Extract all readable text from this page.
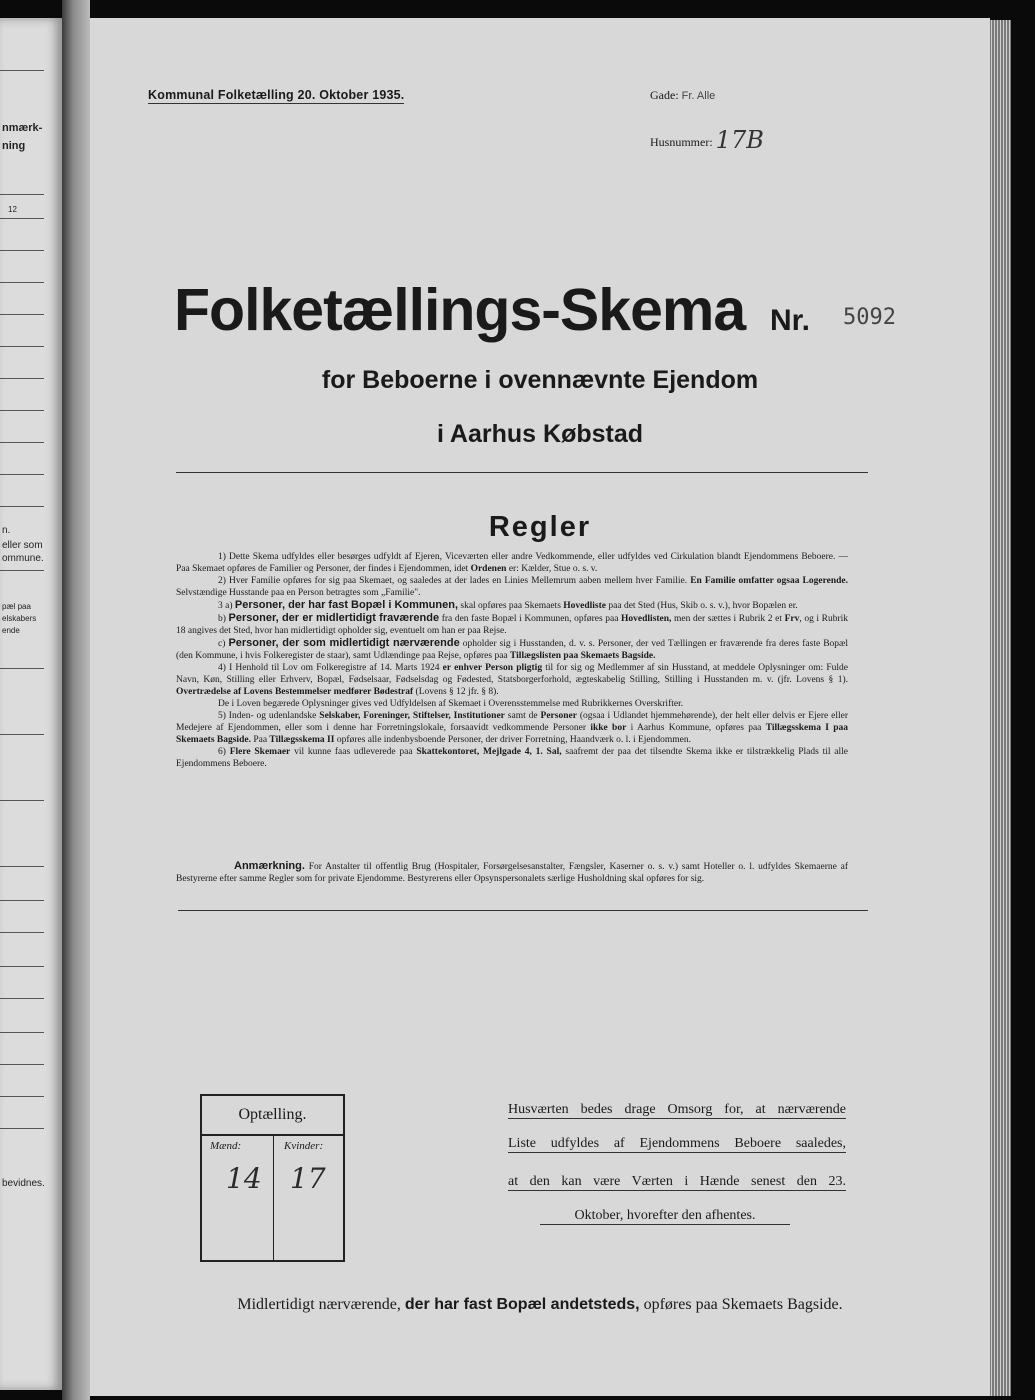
nmærk-
ning
12
n.
eller som
ommune.
pæl paa
elskabers
ende
bevidnes.
Kommunal Folketælling 20. Oktober 1935.	Gade: Fr. Alle
Husnummer: 17B
Folketællings-Skema Nr. 5092
for Beboerne i ovennævnte Ejendom
i Aarhus Købstad
Regler

1) Dette Skema udfyldes eller besørges udfyldt af Ejeren, Viceværten eller andre Vedkommende, eller udfyldes ved Cirkulation blandt Ejendommens Beboere. — Paa Skemaet opføres de Familier og Personer, der findes i Ejendommen, idet Ordenen er: Kælder, Stue o. s. v.

2) Hver Familie opføres for sig paa Skemaet, og saaledes at der lades en Linies Mellemrum aaben mellem hver Familie. En Familie omfatter ogsaa Logerende. Selvstændige Husstande paa en Person betragtes som „Familie".

3 a) Personer, der har fast Bopæl i Kommunen, skal opføres paa Skemaets Hovedliste paa det Sted (Hus, Skib o. s. v.), hvor Bopælen er.

b) Personer, der er midlertidigt fraværende fra den faste Bopæl i Kommunen, opføres paa Hovedlisten, men der sættes i Rubrik 2 et Frv, og i Rubrik 18 angives det Sted, hvor han midlertidigt opholder sig, eventuelt om han er paa Rejse.

c) Personer, der som midlertidigt nærværende opholder sig i Husstanden, d. v. s. Personer, der ved Tællingen er fraværende fra deres faste Bopæl (den Kommune, i hvis Folkeregister de staar), samt Udlændinge paa Rejse, opføres paa Tillægslisten paa Skemaets Bagside.

4) I Henhold til Lov om Folkeregistre af 14. Marts 1924 er enhver Person pligtig til for sig og Medlemmer af sin Husstand, at meddele Oplysninger om: Fulde Navn, Køn, Stilling eller Erhverv, Bopæl, Fødselsaar, Fødselsdag og Fødested, Statsborgerforhold, ægteskabelig Stilling, Stilling i Husstanden m. v. (jfr. Lovens § 1). Overtrædelse af Lovens Bestemmelser medfører Bødestraf (Lovens § 12 jfr. § 8).

De i Loven begærede Oplysninger gives ved Udfyldelsen af Skemaet i Overensstemmelse med Rubrikkernes Overskrifter.

5) Inden- og udenlandske Selskaber, Foreninger, Stiftelser, Institutioner samt de Personer (ogsaa i Udlandet hjemmehørende), der helt eller delvis er Ejere eller Medejere af Ejendommen, eller som i denne har Forretningslokale, forsaavidt vedkommende Personer ikke bor i Aarhus Kommune, opføres paa Tillægsskema I paa Skemaets Bagside. Paa Tillægsskema II opføres alle indenbysboende Personer, der driver Forretning, Haandværk o. l. i Ejendommen.

6) Flere Skemaer vil kunne faas udleverede paa Skattekontoret, Mejlgade 4, 1. Sal, saafremt der paa det tilsendte Skema ikke er tilstrækkelig Plads til alle Ejendommens Beboere.

Anmærkning. For Anstalter til offentlig Brug (Hospitaler, Forsørgelsesanstalter, Fængsler, Kaserner o. s. v.) samt Hoteller o. l. udfyldes Skemaerne af Bestyrerne efter samme Regler som for private Ejendomme. Bestyrerens eller Opsynspersonalets særlige Husholdning skal opføres for sig.
Optælling.
Mænd:	Kvinder:
14 17
Husværten bedes drage Omsorg for, at nærværende
Liste udfyldes af Ejendommens Beboere saaledes,
at den kan være Værten i Hænde senest den 23.
Oktober, hvorefter den afhentes.
Midlertidigt nærværende, der har fast Bopæl andetsteds, opføres paa Skemaets Bagside.
